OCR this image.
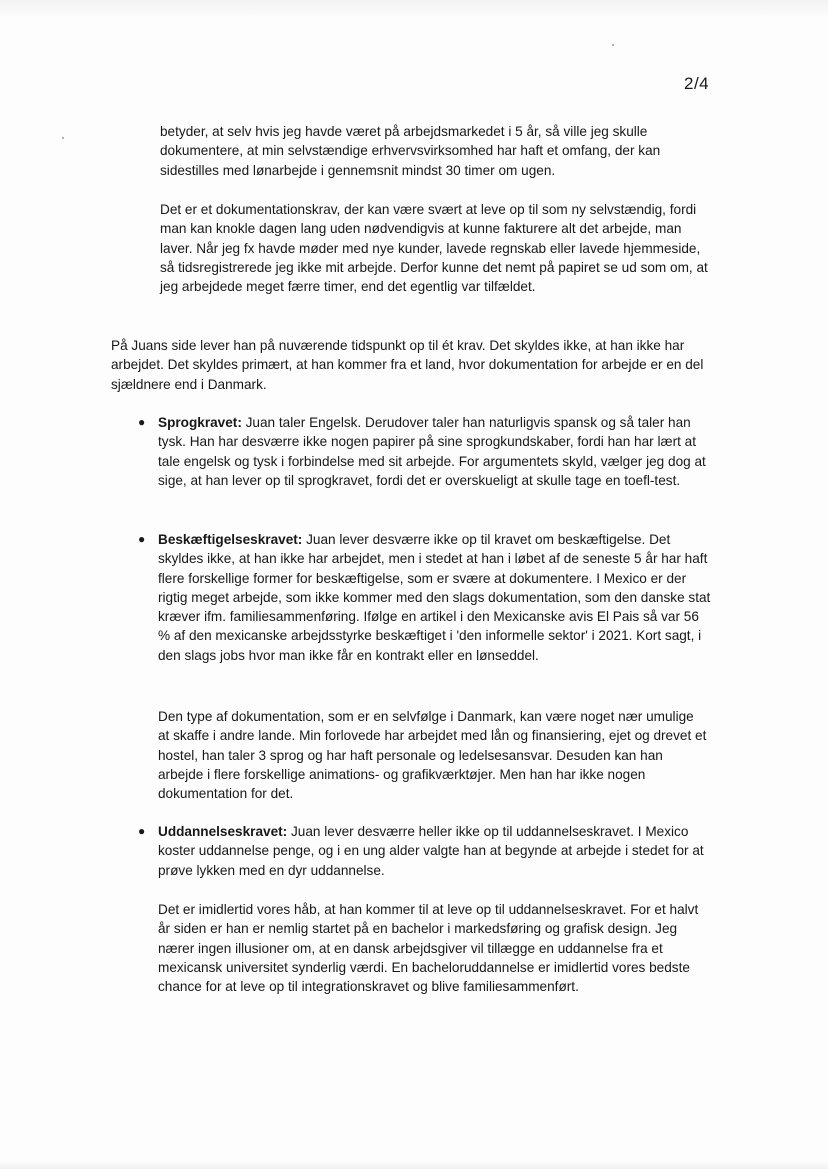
2/4

betyder, at selv hvis jeg havde været på arbejdsmarkedet i 5 år, så ville jeg skulle dokumentere, at min selvstændige erhvervsvirksomhed har haft et omfang, der kan sidestilles med lønarbejde i gennemsnit mindst 30 timer om ugen.

Det er et dokumentationskrav, der kan være svært at leve op til som ny selvstændig, fordi man kan knokle dagen lang uden nødvendigvis at kunne fakturere alt det arbejde, man laver. Når jeg fx havde møder med nye kunder, lavede regnskab eller lavede hjemmeside, så tidsregistrerede jeg ikke mit arbejde. Derfor kunne det nemt på papiret se ud som om, at jeg arbejdede meget færre timer, end det egentlig var tilfældet.

På Juans side lever han på nuværende tidspunkt op til ét krav. Det skyldes ikke, at han ikke har arbejdet. Det skyldes primært, at han kommer fra et land, hvor dokumentation for arbejde er en del sjældnere end i Danmark.

● Sprogkravet: Juan taler Engelsk. Derudover taler han naturligvis spansk og så taler han tysk. Han har desværre ikke nogen papirer på sine sprogkundskaber, fordi han har lært at tale engelsk og tysk i forbindelse med sit arbejde. For argumentets skyld, vælger jeg dog at sige, at han lever op til sprogkravet, fordi det er overskueligt at skulle tage en toefl-test.

● Beskæftigelseskravet: Juan lever desværre ikke op til kravet om beskæftigelse. Det skyldes ikke, at han ikke har arbejdet, men i stedet at han i løbet af de seneste 5 år har haft flere forskellige former for beskæftigelse, som er svære at dokumentere. I Mexico er der rigtig meget arbejde, som ikke kommer med den slags dokumentation, som den danske stat kræver ifm. familiesammenføring. Ifølge en artikel i den Mexicanske avis El Pais så var 56 % af den mexicanske arbejdsstyrke beskæftiget i 'den informelle sektor' i 2021. Kort sagt, i den slags jobs hvor man ikke får en kontrakt eller en lønseddel.

Den type af dokumentation, som er en selvfølge i Danmark, kan være noget nær umulige at skaffe i andre lande. Min forlovede har arbejdet med lån og finansiering, ejet og drevet et hostel, han taler 3 sprog og har haft personale og ledelsesansvar. Desuden kan han arbejde i flere forskellige animations- og grafikværktøjer. Men han har ikke nogen dokumentation for det.

● Uddannelseskravet: Juan lever desværre heller ikke op til uddannelseskravet. I Mexico koster uddannelse penge, og i en ung alder valgte han at begynde at arbejde i stedet for at prøve lykken med en dyr uddannelse.

Det er imidlertid vores håb, at han kommer til at leve op til uddannelseskravet. For et halvt år siden er han er nemlig startet på en bachelor i markedsføring og grafisk design. Jeg nærer ingen illusioner om, at en dansk arbejdsgiver vil tillægge en uddannelse fra et mexicansk universitet synderlig værdi. En bacheloruddannelse er imidlertid vores bedste chance for at leve op til integrationskravet og blive familiesammenført.
